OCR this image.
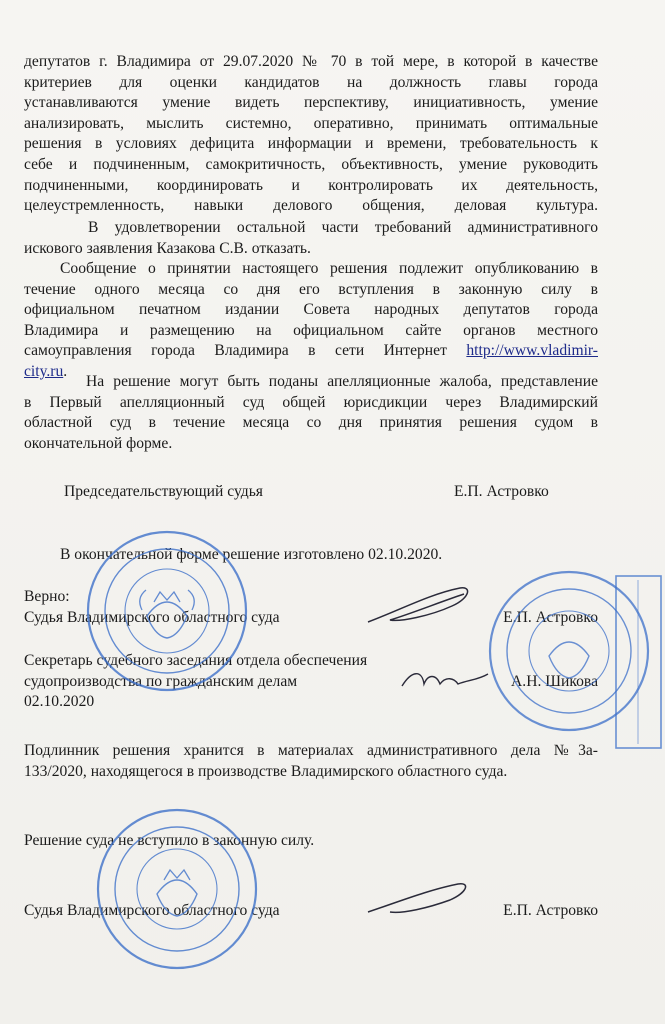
депутатов г. Владимира от 29.07.2020 № 70 в той мере, в которой в качестве
критериев для оценки кандидатов на должность главы города
устанавливаются умение видеть перспективу, инициативность, умение
анализировать, мыслить системно, оперативно, принимать оптимальные
решения в условиях дефицита информации и времени, требовательность к
себе и подчиненным, самокритичность, объективность, умение руководить
подчиненными, координировать и контролировать их деятельность,
целеустремленность, навыки делового общения, деловая культура.
В удовлетворении остальной части требований административного
искового заявления Казакова С.В. отказать.
Сообщение о принятии настоящего решения подлежит опубликованию в
течение одного месяца со дня его вступления в законную силу в
официальном печатном издании Совета народных депутатов города
Владимира и размещению на официальном сайте органов местного
самоуправления города Владимира в сети Интернет http://www.vladimir-
city.ru.
На решение могут быть поданы апелляционные жалоба, представление
в Первый апелляционный суд общей юрисдикции через Владимирский
областной суд в течение месяца со дня принятия решения судом в
окончательной форме.
Председательствующий судья	Е.П. Астровко
В окончательной форме решение изготовлено 02.10.2020.
Верно:
Судья Владимирского областного суда	Е.П. Астровко
Секретарь судебного заседания отдела обеспечения
судопроизводства по гражданским делам	А.Н. Шикова
02.10.2020
Подлинник решения хранится в материалах административного дела №3а-
133/2020, находящегося в производстве Владимирского областного суда.
Решение суда не вступило в законную силу.
Судья Владимирского областного суда	Е.П. Астровко
